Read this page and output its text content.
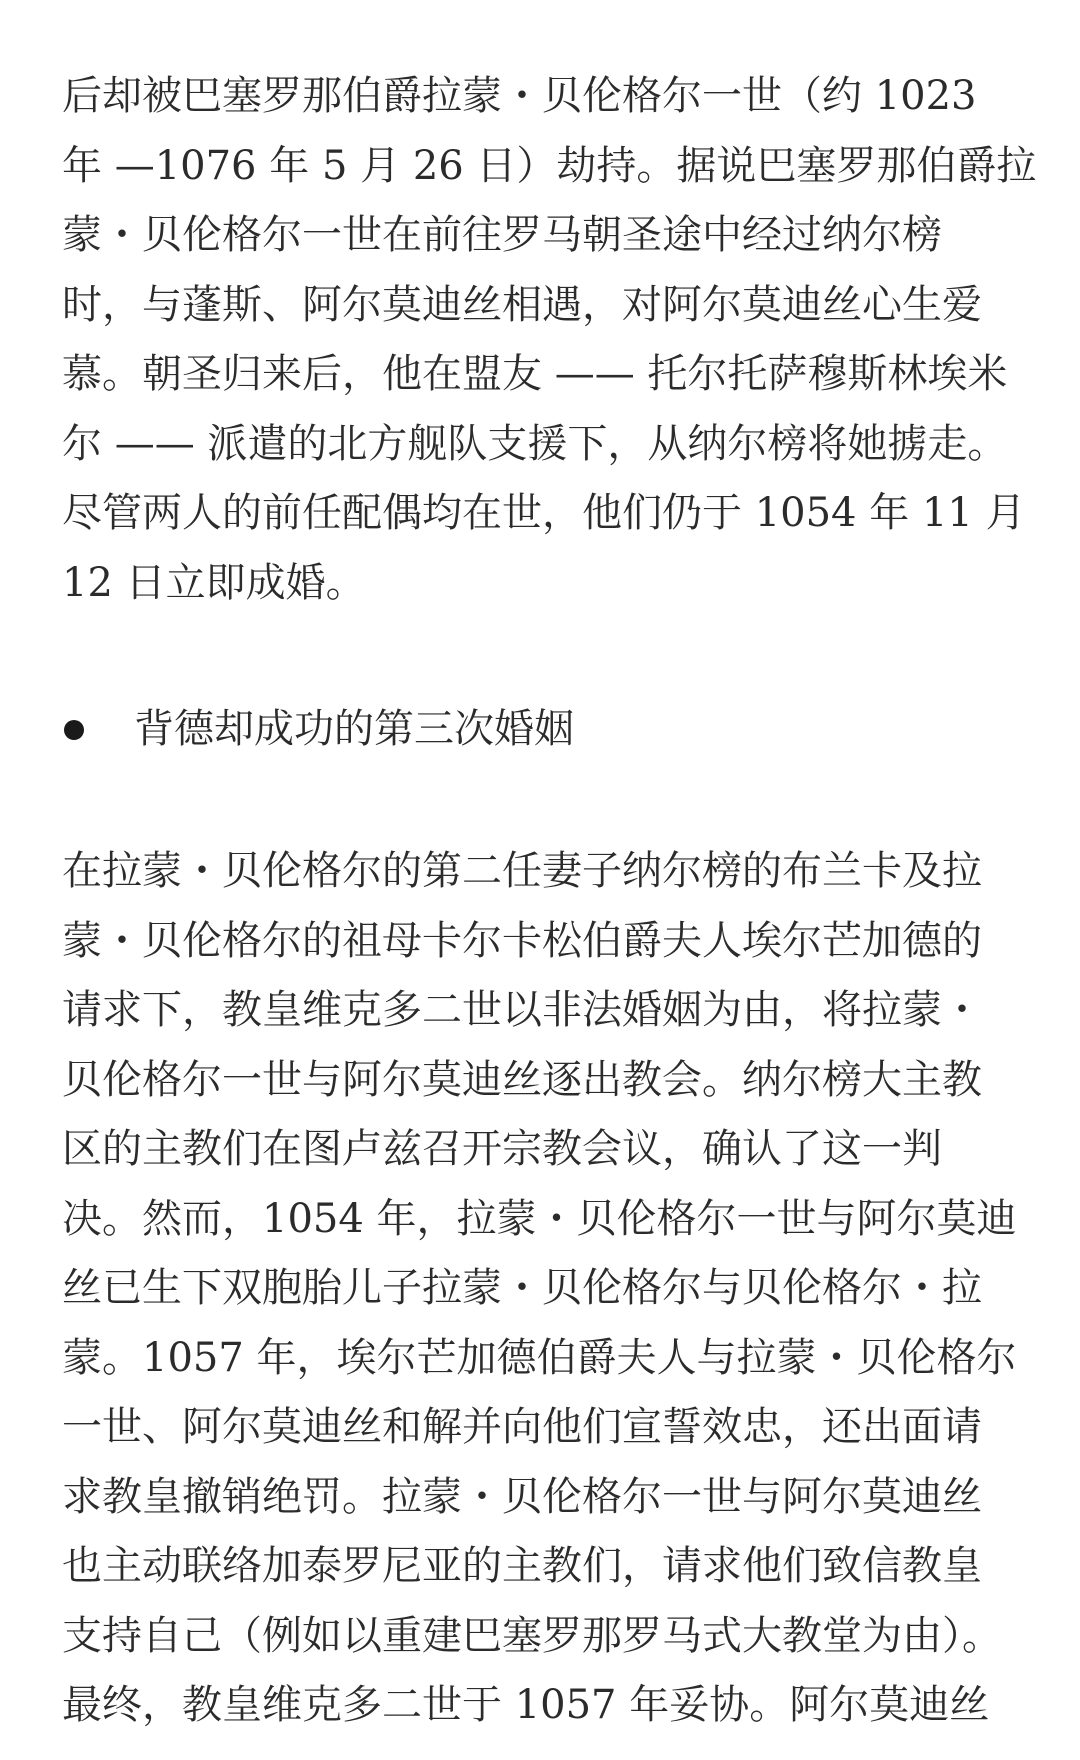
后却被巴塞罗那伯爵拉蒙・贝伦格尔一世（约 1023
年 —1076 年 5 月 26 日）劫持。据说巴塞罗那伯爵拉
蒙・贝伦格尔一世在前往罗马朝圣途中经过纳尔榜
时，与蓬斯、阿尔莫迪丝相遇，对阿尔莫迪丝心生爱
慕。朝圣归来后，他在盟友 —— 托尔托萨穆斯林埃米
尔 —— 派遣的北方舰队支援下，从纳尔榜将她掳走。
尽管两人的前任配偶均在世，他们仍于 1054 年 11 月
12 日立即成婚。
背德却成功的第三次婚姻
在拉蒙・贝伦格尔的第二任妻子纳尔榜的布兰卡及拉
蒙・贝伦格尔的祖母卡尔卡松伯爵夫人埃尔芒加德的
请求下，教皇维克多二世以非法婚姻为由，将拉蒙・
贝伦格尔一世与阿尔莫迪丝逐出教会。纳尔榜大主教
区的主教们在图卢兹召开宗教会议，确认了这一判
决。然而，1054 年，拉蒙・贝伦格尔一世与阿尔莫迪
丝已生下双胞胎儿子拉蒙・贝伦格尔与贝伦格尔・拉
蒙。1057 年，埃尔芒加德伯爵夫人与拉蒙・贝伦格尔
一世、阿尔莫迪丝和解并向他们宣誓效忠，还出面请
求教皇撤销绝罚。拉蒙・贝伦格尔一世与阿尔莫迪丝
也主动联络加泰罗尼亚的主教们，请求他们致信教皇
支持自己（例如以重建巴塞罗那罗马式大教堂为由）。
最终，教皇维克多二世于 1057 年妥协。阿尔莫迪丝
